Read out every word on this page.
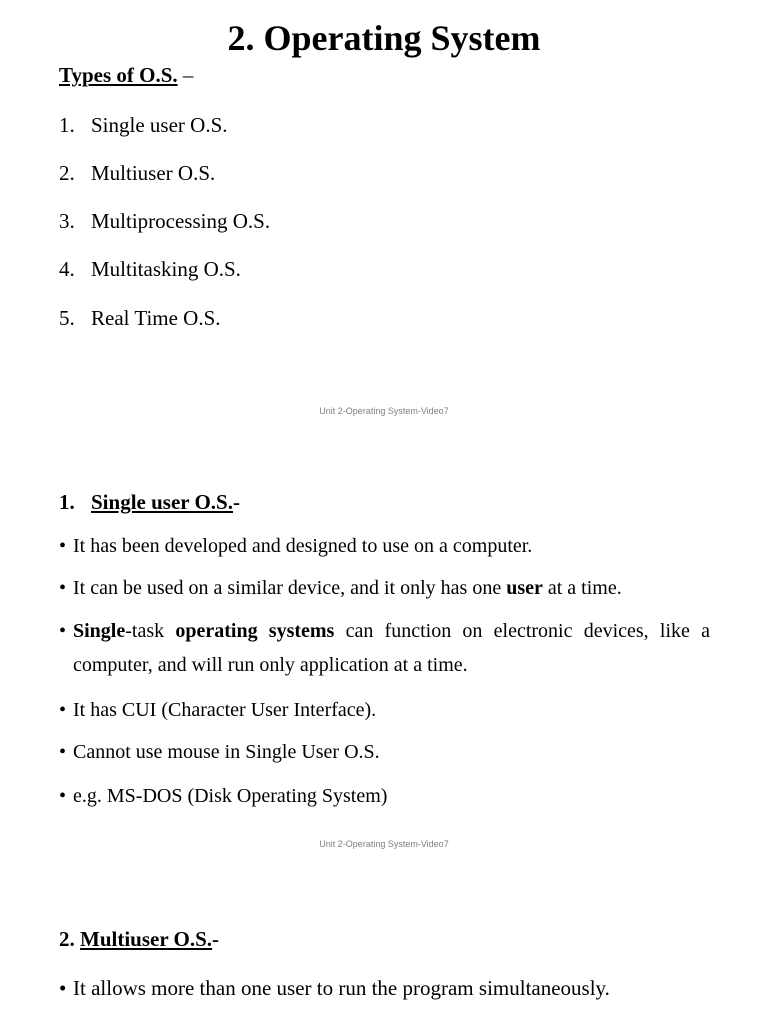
2. Operating System
Types of O.S. –
1. Single user O.S.
2. Multiuser O.S.
3. Multiprocessing O.S.
4. Multitasking O.S.
5. Real Time O.S.
Unit 2-Operating System-Video7
1. Single user O.S.-
• It has been developed and designed to use on a computer.
• It can be used on a similar device, and it only has one user at a time.
• Single-task operating systems can function on electronic devices, like a computer, and will run only application at a time.
• It has CUI (Character User Interface).
• Cannot use mouse in Single User O.S.
• e.g. MS-DOS (Disk Operating System)
Unit 2-Operating System-Video7
2. Multiuser O.S.-
• It allows more than one user to run the program simultaneously.
